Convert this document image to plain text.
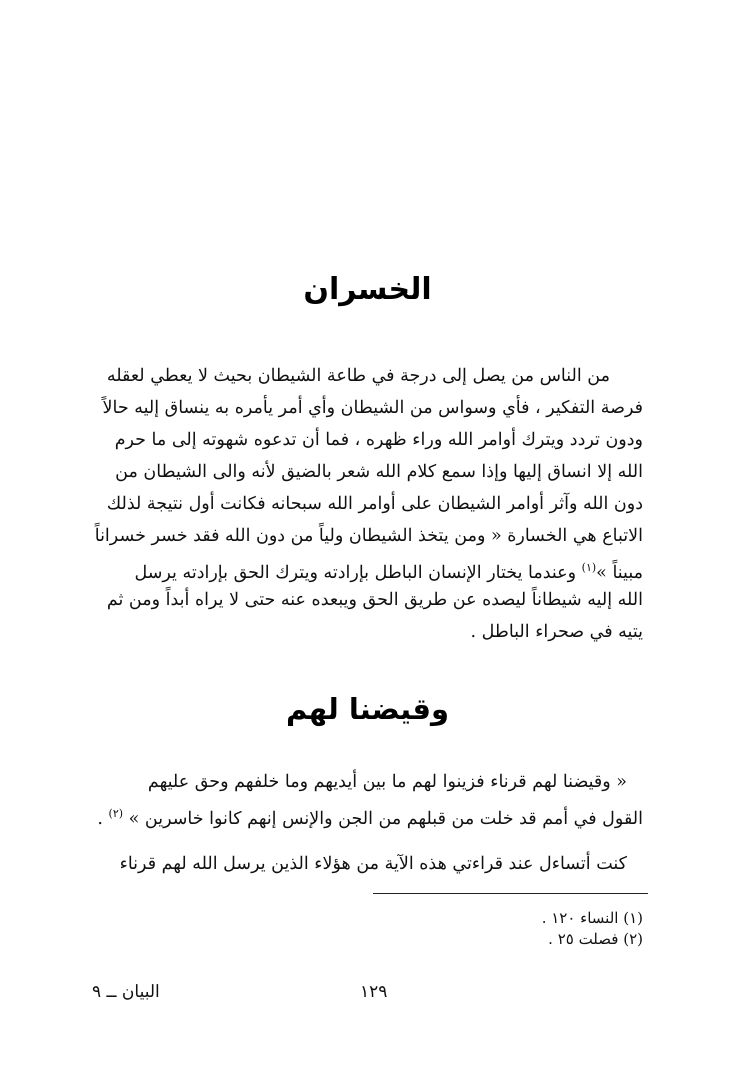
الخسران
من الناس من يصل إلى درجة في طاعة الشيطان بحيث لا يعطي لعقله
فرصة التفكير ، فأي وسواس من الشيطان وأي أمر يأمره به ينساق إليه حالاً
ودون تردد ويترك أوامر الله وراء ظهره ، فما أن تدعوه شهوته إلى ما حرم
الله إلا انساق إليها وإذا سمع كلام الله شعر بالضيق لأنه والى الشيطان من
دون الله وآثر أوامر الشيطان على أوامر الله سبحانه فكانت أول نتيجة لذلك
الاتباع هي الخسارة « ومن يتخذ الشيطان ولياً من دون الله فقد خسر خسراناً
مبيناً »$^{(١)}$ وعندما يختار الإنسان الباطل بإرادته ويترك الحق بإرادته يرسل
الله إليه شيطاناً ليصده عن طريق الحق ويبعده عنه حتى لا يراه أبداً ومن ثم
يتيه في صحراء الباطل .
وقيضنا لهم
« وقيضنا لهم قرناء فزينوا لهم ما بين أيديهم وما خلفهم وحق عليهم
القول في أمم قد خلت من قبلهم من الجن والإنس إنهم كانوا خاسرين » $^{(٢)}$ .
كنت أتساءل عند قراءتي هذه الآية من هؤلاء الذين يرسل الله لهم قرناء
(١) النساء ١٢٠ .
(٢) فصلت ٢٥ .
١٢٩
البيان ــ ٩
